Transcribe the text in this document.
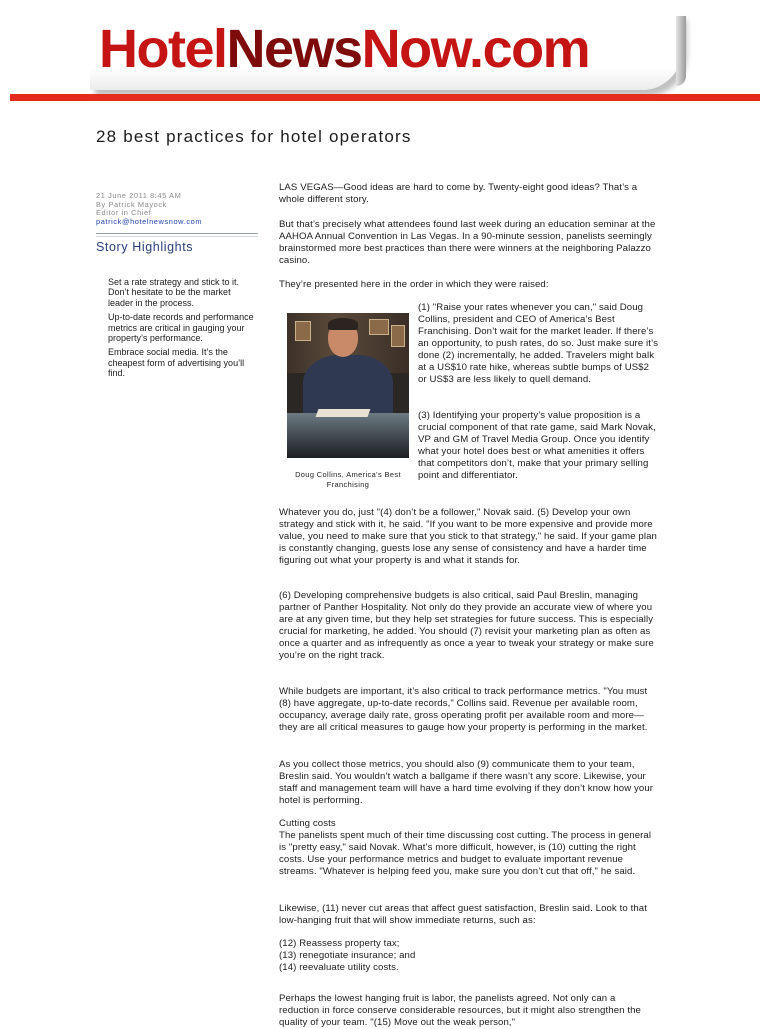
HotelNewsNow.com
28 best practices for hotel operators
21 June 2011 8:45 AM
By Patrick Mayock
Editor in Chief
patrick@hotelnewsnow.com
Story Highlights
Set a rate strategy and stick to it. Don’t hesitate to be the market leader in the process.
Up-to-date records and performance metrics are critical in gauging your property’s performance.
Embrace social media. It’s the cheapest form of advertising you’ll find.
Doug Collins, America's Best Franchising

LAS VEGAS—Good ideas are hard to come by. Twenty-eight good ideas? That’s a whole different story.

But that’s precisely what attendees found last week during an education seminar at the AAHOA Annual Convention in Las Vegas. In a 90-minute session, panelists seemingly brainstormed more best practices than there were winners at the neighboring Palazzo casino.

They’re presented here in the order in which they were raised:

(1) "Raise your rates whenever you can," said Doug Collins, president and CEO of America’s Best Franchising. Don’t wait for the market leader. If there’s an opportunity, to push rates, do so. Just make sure it’s done (2) incrementally, he added. Travelers might balk at a US$10 rate hike, whereas subtle bumps of US$2 or US$3 are less likely to quell demand.

(3) Identifying your property’s value proposition is a crucial component of that rate game, said Mark Novak, VP and GM of Travel Media Group. Once you identify what your hotel does best or what amenities it offers that competitors don’t, make that your primary selling point and differentiator.

Whatever you do, just "(4) don’t be a follower," Novak said. (5) Develop your own strategy and stick with it, he said. "If you want to be more expensive and provide more value, you need to make sure that you stick to that strategy," he said. If your game plan is constantly changing, guests lose any sense of consistency and have a harder time figuring out what your property is and what it stands for.

(6) Developing comprehensive budgets is also critical, said Paul Breslin, managing partner of Panther Hospitality. Not only do they provide an accurate view of where you are at any given time, but they help set strategies for future success. This is especially crucial for marketing, he added. You should (7) revisit your marketing plan as often as once a quarter and as infrequently as once a year to tweak your strategy or make sure you’re on the right track.

While budgets are important, it’s also critical to track performance metrics. "You must (8) have aggregate, up-to-date records," Collins said. Revenue per available room, occupancy, average daily rate, gross operating profit per available room and more—they are all critical measures to gauge how your property is performing in the market.

As you collect those metrics, you should also (9) communicate them to your team, Breslin said. You wouldn’t watch a ballgame if there wasn’t any score. Likewise, your staff and management team will have a hard time evolving if they don’t know how your hotel is performing.

Cutting costs

The panelists spent much of their time discussing cost cutting. The process in general is "pretty easy," said Novak. What’s more difficult, however, is (10) cutting the right costs. Use your performance metrics and budget to evaluate important revenue streams. "Whatever is helping feed you, make sure you don’t cut that off," he said.

Likewise, (11) never cut areas that affect guest satisfaction, Breslin said. Look to that low-hanging fruit that will show immediate returns, such as:

(12) Reassess property tax;

(13) renegotiate insurance; and

(14) reevaluate utility costs.

Perhaps the lowest hanging fruit is labor, the panelists agreed. Not only can a reduction in force conserve considerable resources, but it might also strengthen the quality of your team. "(15) Move out the weak person,"
